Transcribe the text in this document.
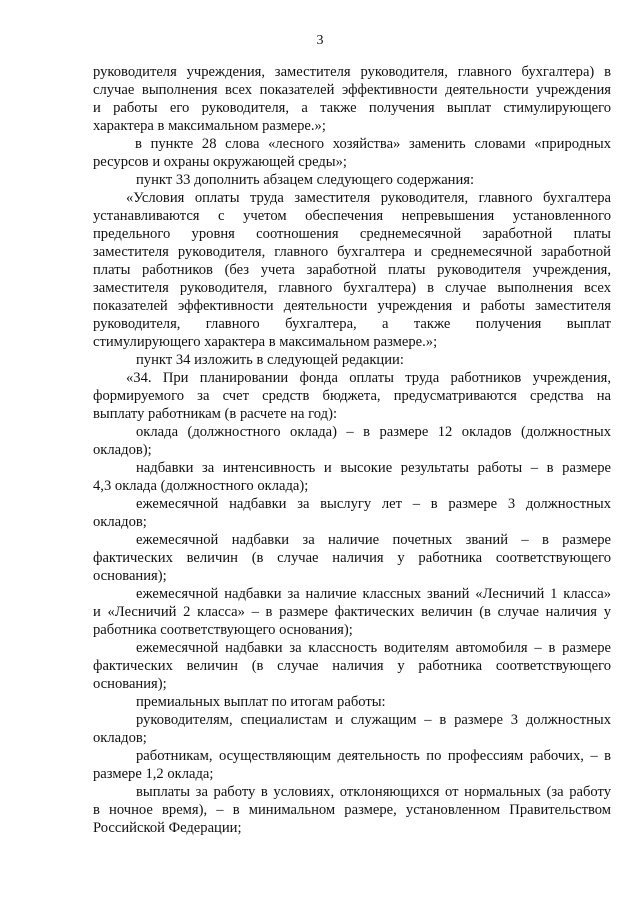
3
руководителя учреждения, заместителя руководителя, главного бухгалтера) в
случае выполнения всех показателей эффективности деятельности учреждения
и работы его руководителя, а также получения выплат стимулирующего
характера в максимальном размере.»;
в пункте 28 слова «лесного хозяйства» заменить словами «природных
ресурсов и охраны окружающей среды»;
пункт 33 дополнить абзацем следующего содержания:
«Условия оплаты труда заместителя руководителя, главного бухгалтера
устанавливаются с учетом обеспечения непревышения установленного
предельного уровня соотношения среднемесячной заработной платы
заместителя руководителя, главного бухгалтера и среднемесячной заработной
платы работников (без учета заработной платы руководителя учреждения,
заместителя руководителя, главного бухгалтера) в случае выполнения всех
показателей эффективности деятельности учреждения и работы заместителя
руководителя, главного бухгалтера, а также получения выплат
стимулирующего характера в максимальном размере.»;
пункт 34 изложить в следующей редакции:
«34. При планировании фонда оплаты труда работников учреждения,
формируемого за счет средств бюджета, предусматриваются средства на
выплату работникам (в расчете на год):
оклада (должностного оклада) – в размере 12 окладов (должностных
окладов);
надбавки за интенсивность и высокие результаты работы – в размере
4,3 оклада (должностного оклада);
ежемесячной надбавки за выслугу лет – в размере 3 должностных
окладов;
ежемесячной надбавки за наличие почетных званий – в размере
фактических величин (в случае наличия у работника соответствующего
основания);
ежемесячной надбавки за наличие классных званий «Лесничий 1 класса»
и «Лесничий 2 класса» – в размере фактических величин (в случае наличия у
работника соответствующего основания);
ежемесячной надбавки за классность водителям автомобиля – в размере
фактических величин (в случае наличия у работника соответствующего
основания);
премиальных выплат по итогам работы:
руководителям, специалистам и служащим – в размере 3 должностных
окладов;
работникам, осуществляющим деятельность по профессиям рабочих, – в
размере 1,2 оклада;
выплаты за работу в условиях, отклоняющихся от нормальных (за работу
в ночное время), – в минимальном размере, установленном Правительством
Российской Федерации;
